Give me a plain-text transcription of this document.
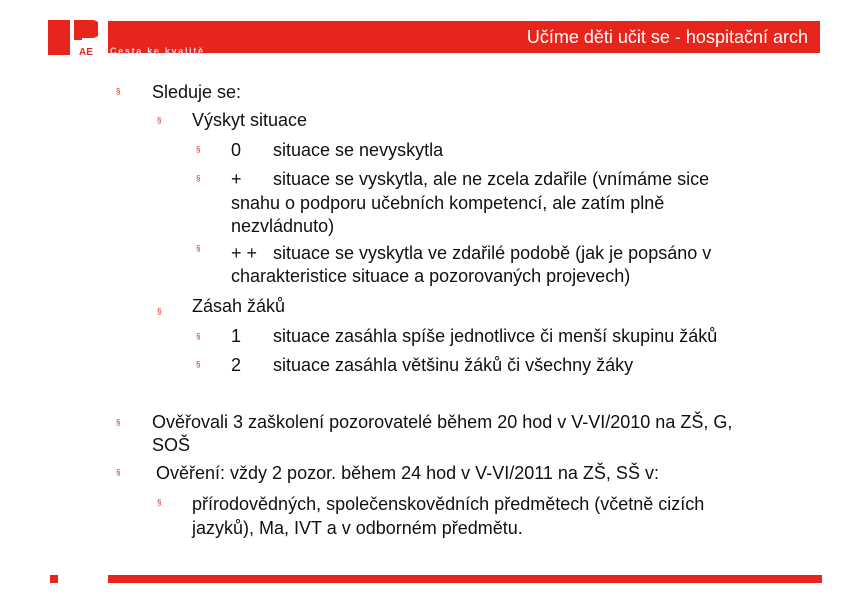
AE
Učíme děti učit se - hospitační arch
Cesta ke kvalitě
§
§
§
§
§
§
§
§
§
§
§
Sleduje se:
Výskyt situace
0 situace se nevyskytla
+ situace se vyskytla, ale ne zcela zdařile (vnímáme sice
snahu o podporu učebních kompetencí, ale zatím plně
nezvládnuto)
+ + situace se vyskytla ve zdařilé podobě (jak je popsáno v
charakteristice situace a pozorovaných projevech)
Zásah žáků
1 situace zasáhla spíše jednotlivce či menší skupinu žáků
2 situace zasáhla většinu žáků či všechny žáky
Ověřovali 3 zaškolení pozorovatelé během 20 hod v V-VI/2010 na ZŠ, G,
SOŠ
Ověření: vždy 2 pozor. během 24 hod v V-VI/2011 na ZŠ, SŠ v:
přírodovědných, společenskovědních předmětech (včetně cizích
jazyků), Ma, IVT a v odborném předmětu.
